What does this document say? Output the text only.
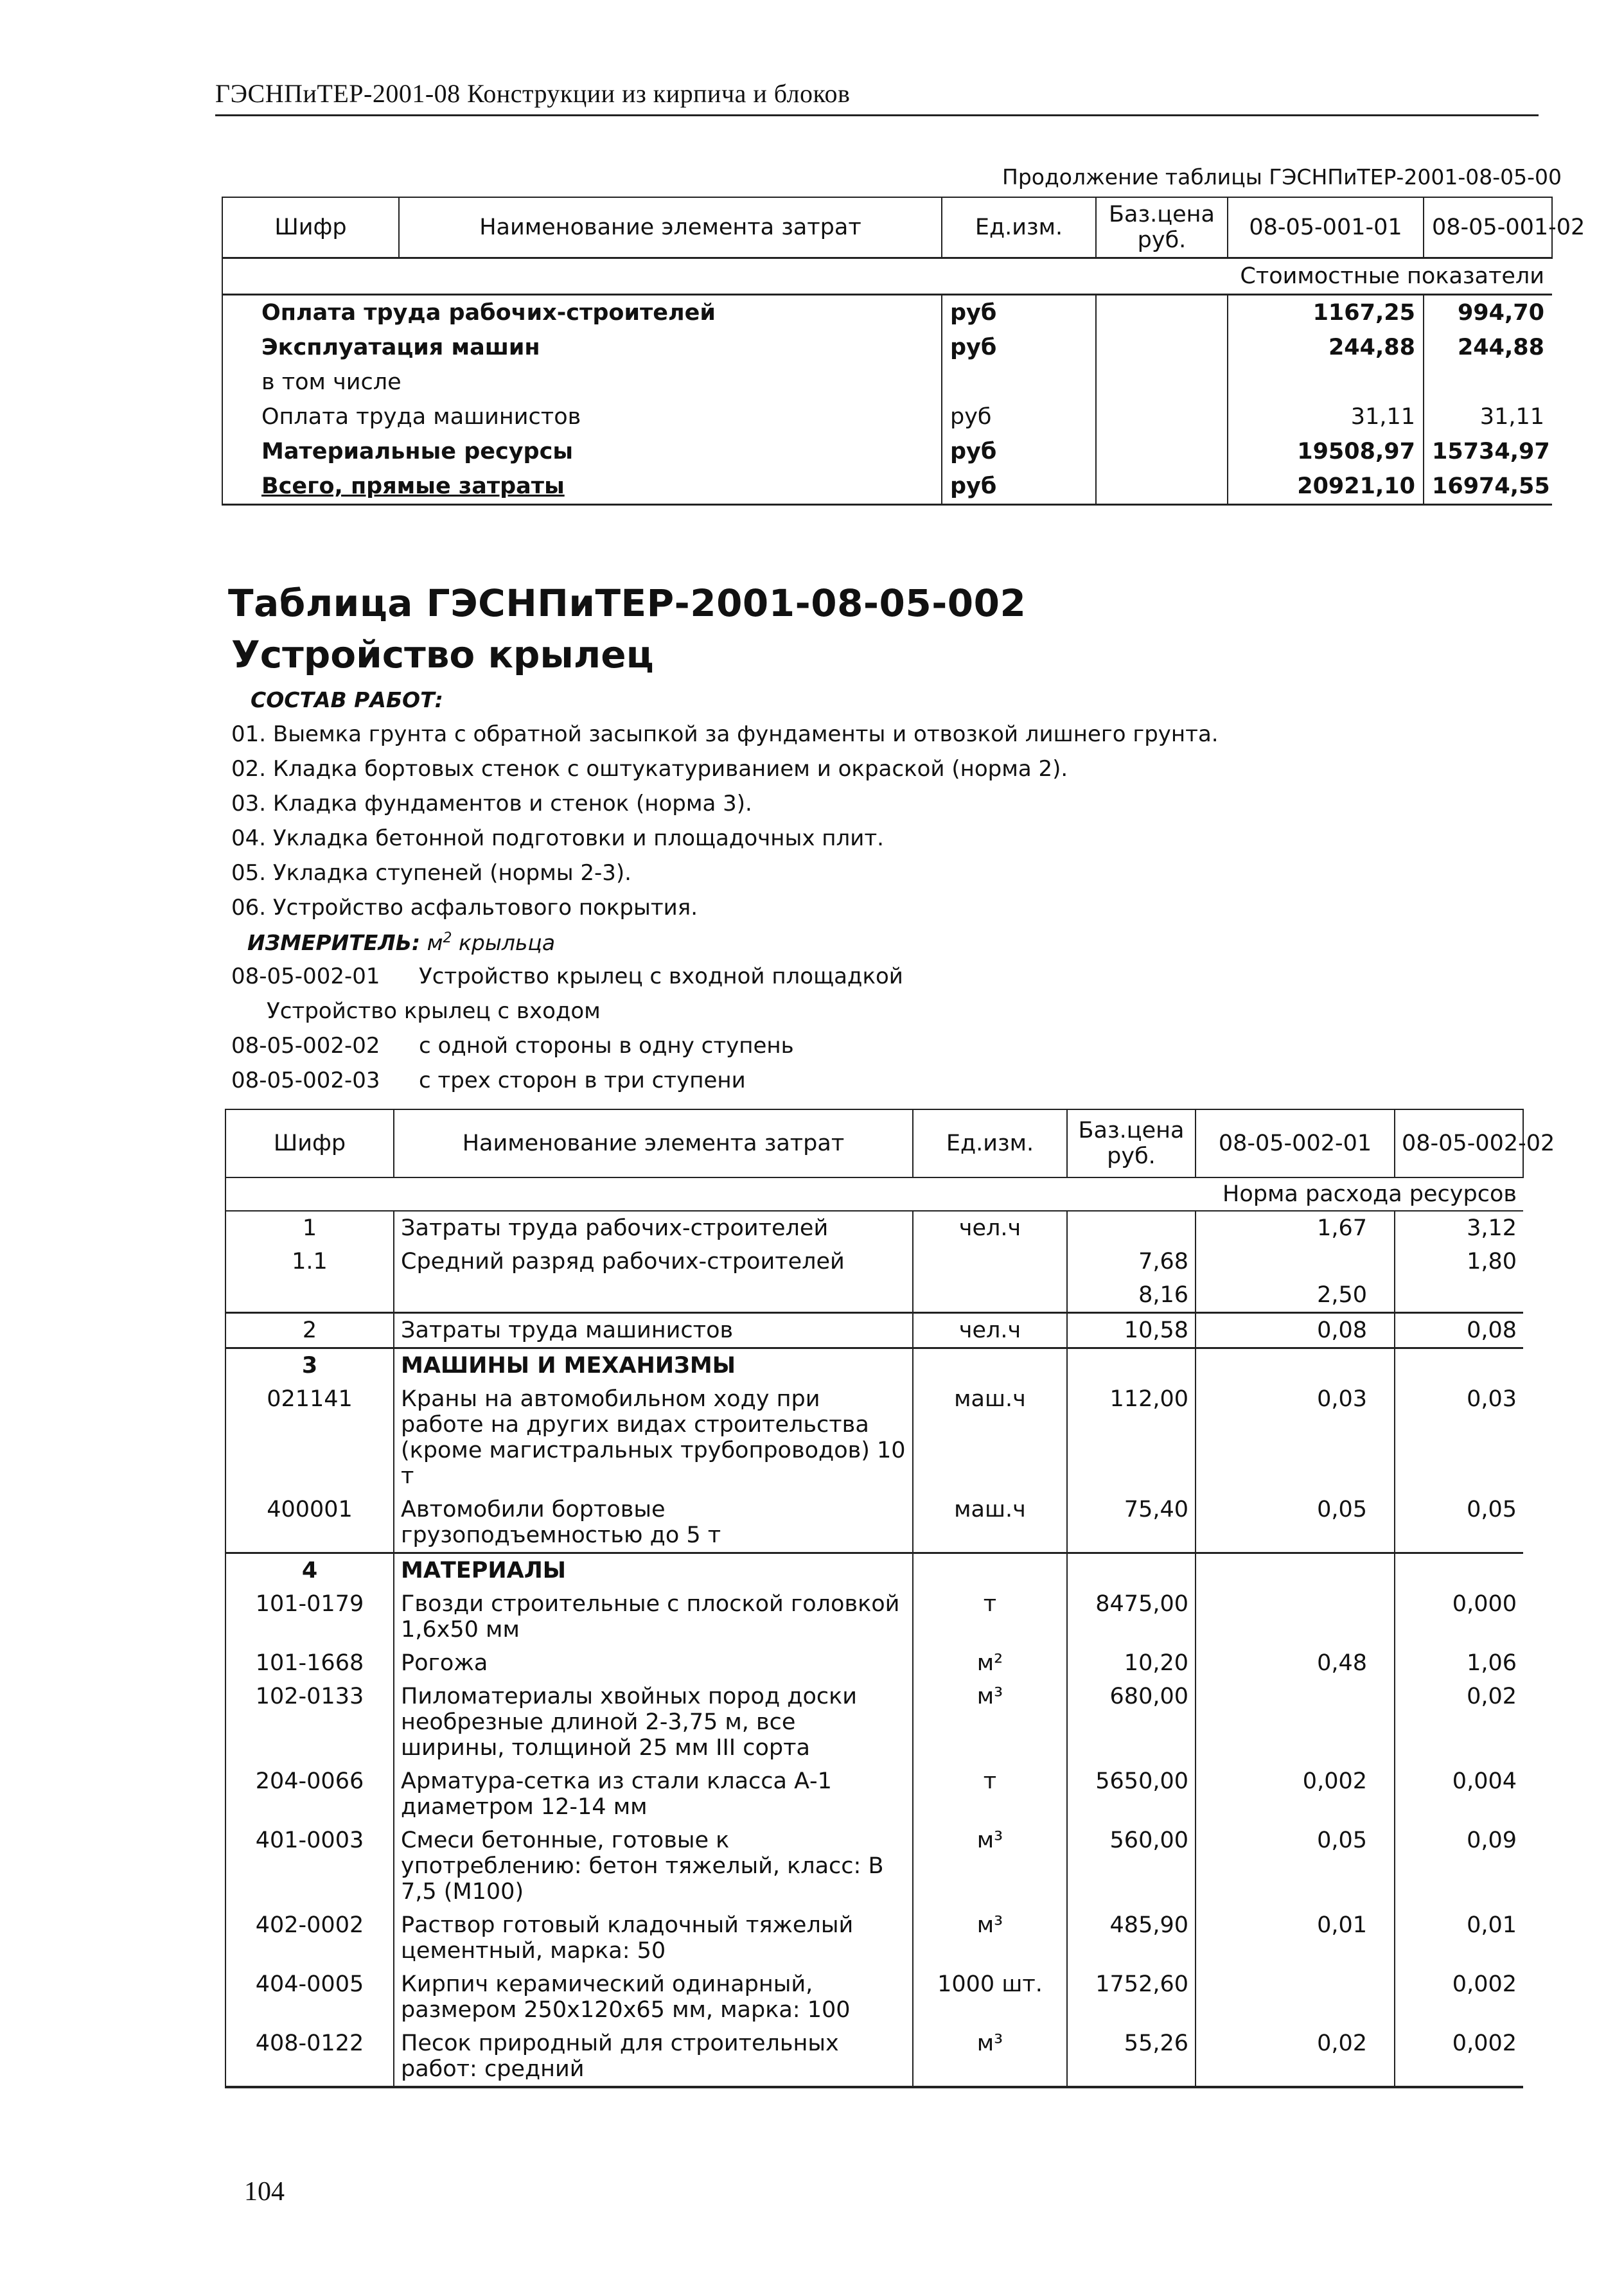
ГЭСНПиТЕР-2001-08 Конструкции из кирпича и блоков
Продолжение таблицы ГЭСНПиТЕР-2001-08-05-00
Шифр	Наименование элемента затрат	Ед.изм.	Баз.цена руб.	08-05-001-01	08-05-001-02
				Стоимостные показатели	
Оплата труда рабочих-строителей		руб		1167,25	994,70
Эксплуатация машин		руб		244,88	244,88
в том числе					
Оплата труда машинистов		руб		31,11	31,11
Материальные ресурсы		руб		19508,97	15734,97
Всего, прямые затраты		руб		20921,10	16974,55
Таблица ГЭСНПиТЕР-2001-08-05-002
Устройство крылец
СОСТАВ РАБОТ:
01. Выемка грунта с обратной засыпкой за фундаменты и отвозкой лишнего грунта.
02. Кладка бортовых стенок с оштукатуриванием и окраской (норма 2).
03. Кладка фундаментов и стенок (норма 3).
04. Укладка бетонной подготовки и площадочных плит.
05. Укладка ступеней (нормы 2-3).
06. Устройство асфальтового покрытия.
ИЗМЕРИТЕЛЬ: $м^2$ крыльца
08-05-002-01 Устройство крылец с входной площадкой
Устройство крылец с входом
08-05-002-02 с одной стороны в одну ступень
08-05-002-03 с трех сторон в три ступени
Шифр	Наименование элемента затрат	Ед.изм.	Баз.цена руб.	08-05-002-01	08-05-002-02
				Норма расхода ресурсов	
1	Затраты труда рабочих-строителей	чел.ч		1,67	3,12
1.1	Средний разряд рабочих-строителей		7,68		1,80
			8,16	2,50	
2	Затраты труда машинистов	чел.ч	10,58	0,08	0,08
3	МАШИНЫ И МЕХАНИЗМЫ				
021141	Краны на автомобильном ходу при работе на других видах строительства (кроме магистральных трубопроводов) 10 т	маш.ч	112,00	0,03	0,03
400001	Автомобили бортовые грузоподъемностью до 5 т	маш.ч	75,40	0,05	0,05
4	МАТЕРИАЛЫ				
101-0179	Гвозди строительные с плоской головкой 1,6х50 мм	т	8475,00		0,000
101-1668	Рогожа	м²	10,20	0,48	1,06
102-0133	Пиломатериалы хвойных пород доски необрезные длиной 2-3,75 м, все ширины, толщиной 25 мм III сорта	м³	680,00		0,02
204-0066	Арматура-сетка из стали класса А-1 диаметром 12-14 мм	т	5650,00	0,002	0,004
401-0003	Смеси бетонные, готовые к употреблению: бетон тяжелый, класс: В 7,5 (М100)	м³	560,00	0,05	0,09
402-0002	Раствор готовый кладочный тяжелый цементный, марка: 50	м³	485,90	0,01	0,01
404-0005	Кирпич керамический одинарный, размером 250х120х65 мм, марка: 100	1000 шт.	1752,60		0,002
408-0122	Песок природный для строительных работ: средний	м³	55,26	0,02	0,002
104
